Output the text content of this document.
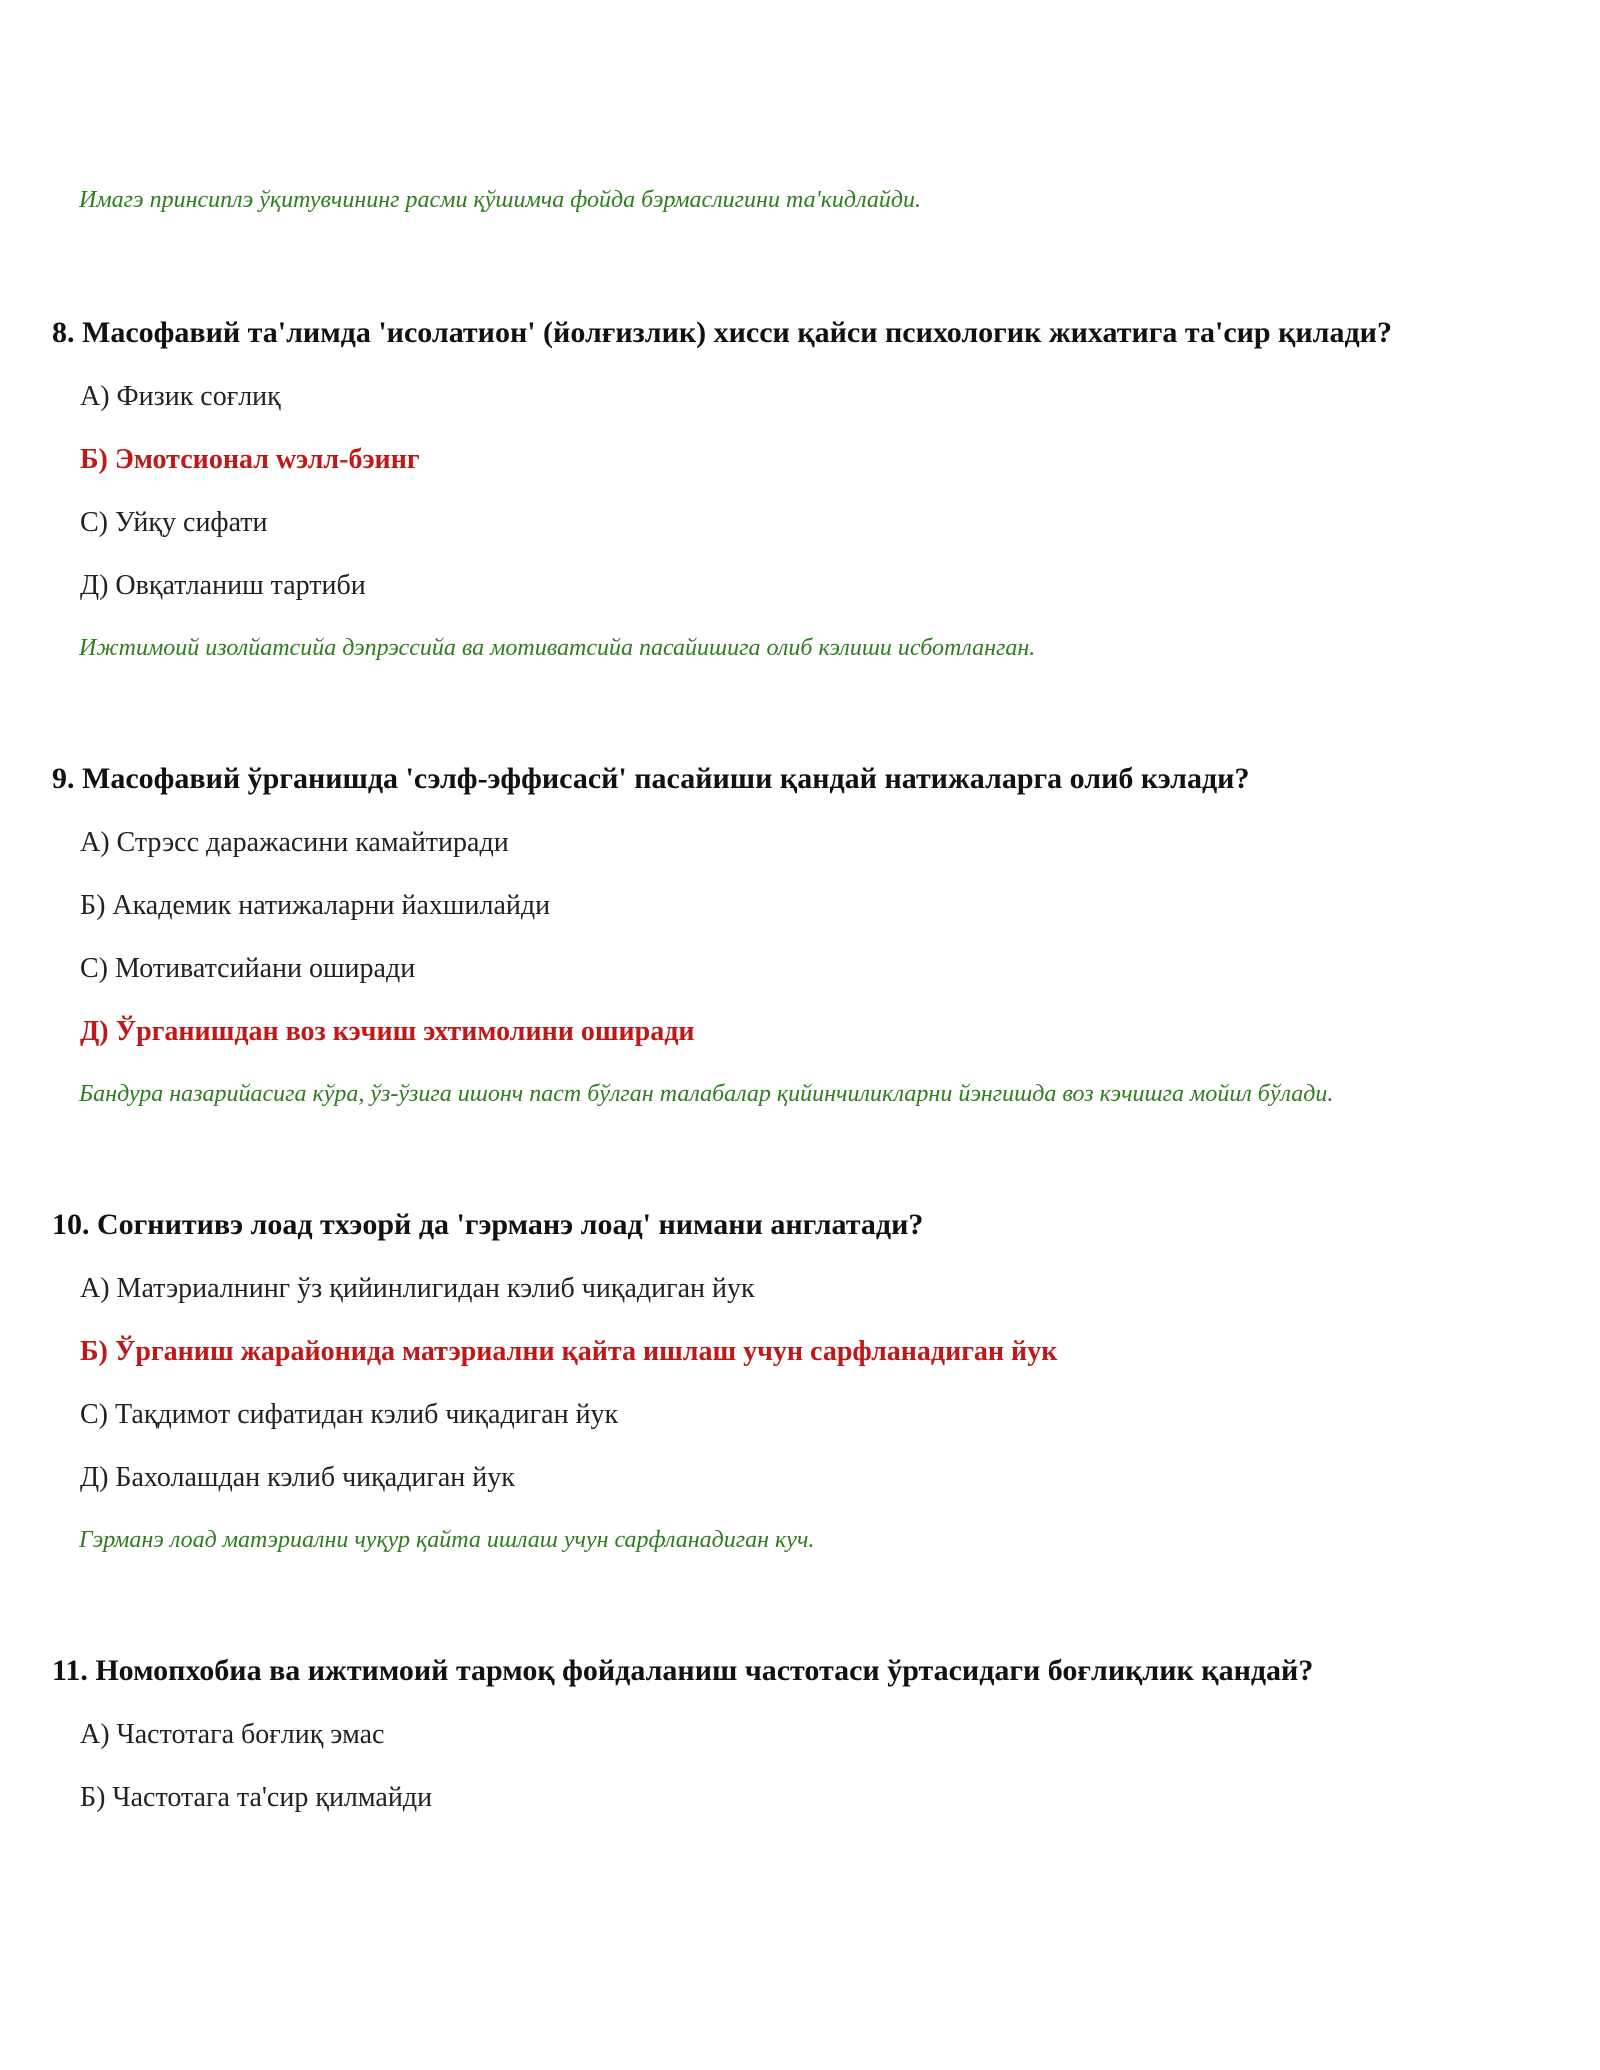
Имагэ принсиплэ ўқитувчининг расми қўшимча фойда бэрмаслигини та'кидлайди.
8. Масофавий та'лимда 'исолатион' (йолғизлик) хисси қайси психологик жихатига та'сир қилади?
А) Физик соғлиқ
Б) Эмотсионал wэлл-бэинг
С) Уйқу сифати
Д) Овқатланиш тартиби
Ижтимоий изолйатсийа дэпрэссийа ва мотиватсийа пасайишига олиб кэлиши исботланган.
9. Масофавий ўрганишда 'сэлф-эффисасй' пасайиши қандай натижаларга олиб кэлади?
А) Стрэсс даражасини камайтиради
Б) Академик натижаларни йахшилайди
С) Мотиватсийани оширади
Д) Ўрганишдан воз кэчиш эхтимолини оширади
Бандура назарийасига кўра, ўз-ўзига ишонч паст бўлган талабалар қийинчиликларни йэнгишда воз кэчишга мойил бўлади.
10. Согнитивэ лоад тхэорй да 'гэрманэ лоад' нимани англатади?
А) Матэриалнинг ўз қийинлигидан кэлиб чиқадиган йук
Б) Ўрганиш жарайонида матэриални қайта ишлаш учун сарфланадиган йук
С) Тақдимот сифатидан кэлиб чиқадиган йук
Д) Бахолашдан кэлиб чиқадиган йук
Гэрманэ лоад матэриални чуқур қайта ишлаш учун сарфланадиган куч.
11. Номопхобиа ва ижтимоий тармоқ фойдаланиш частотаси ўртасидаги боғлиқлик қандай?
А) Частотага боғлиқ эмас
Б) Частотага та'сир қилмайди
